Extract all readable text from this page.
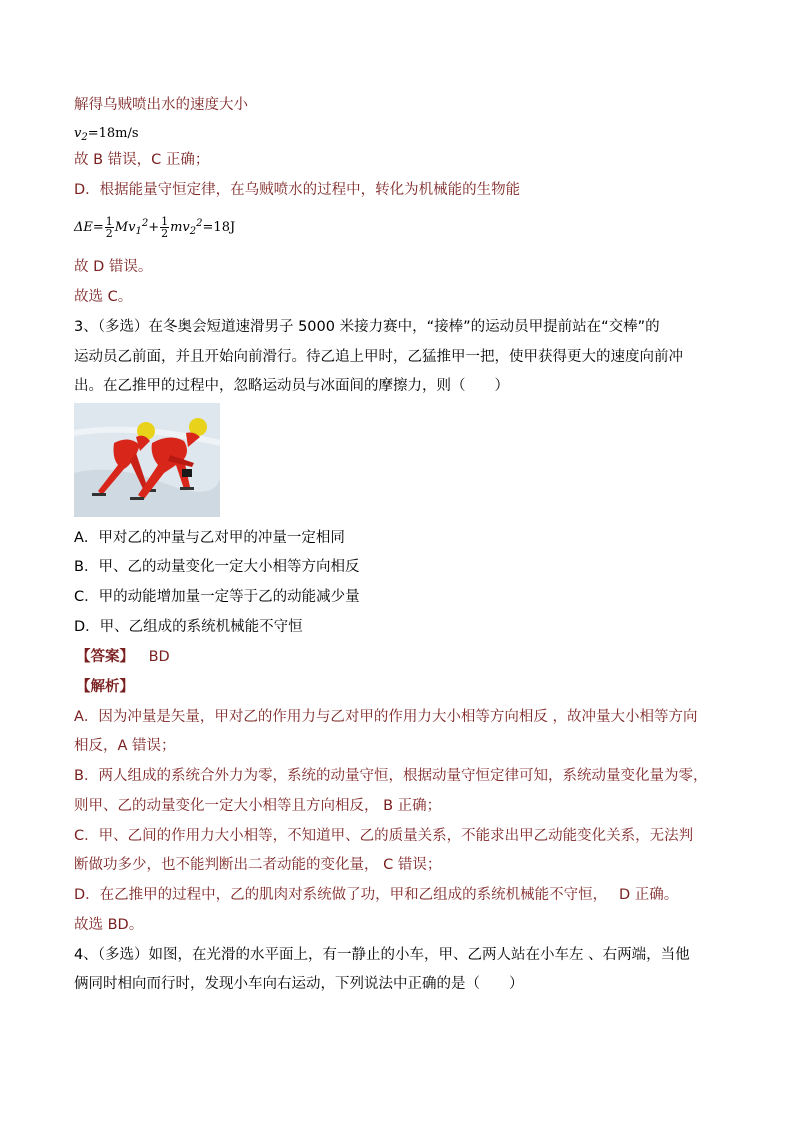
解得乌贼喷出水的速度大小
$v_2=18m/s$
故 B 错误，C 正确；
D．根据能量守恒定律，在乌贼喷水的过程中，转化为机械能的生物能
$\Delta E= \frac{1}{2} Mv_1^2+ \frac{1}{2} mv_2^2=18J$
故 D 错误。
故选 C。
3、（多选）在冬奥会短道速滑男子 5000 米接力赛中，“接棒”的运动员甲提前站在“交棒”的
运动员乙前面，并且开始向前滑行。待乙追上甲时，乙猛推甲一把，使甲获得更大的速度向前冲
出。在乙推甲的过程中，忽略运动员与冰面间的摩擦力，则（　　）
A．甲对乙的冲量与乙对甲的冲量一定相同
B．甲、乙的动量变化一定大小相等方向相反
C．甲的动能增加量一定等于乙的动能减少量
D．甲、乙组成的系统机械能不守恒
【答案】 BD
【解析】
A．因为冲量是矢量，甲对乙的作用力与乙对甲的作用力大小相等方向相反 ，故冲量大小相等方向
相反，A 错误；
B．两人组成的系统合外力为零，系统的动量守恒，根据动量守恒定律可知，系统动量变化量为零，
则甲、乙的动量变化一定大小相等且方向相反， B 正确；
C．甲、乙间的作用力大小相等，不知道甲、乙的质量关系，不能求出甲乙动能变化关系，无法判
断做功多少，也不能判断出二者动能的变化量， C 错误；
D．在乙推甲的过程中，乙的肌肉对系统做了功，甲和乙组成的系统机械能不守恒，　 D 正确。
故选 BD。
4、（多选）如图，在光滑的水平面上，有一静止的小车，甲、乙两人站在小车左 、右两端，当他
俩同时相向而行时，发现小车向右运动，下列说法中正确的是（　　）
